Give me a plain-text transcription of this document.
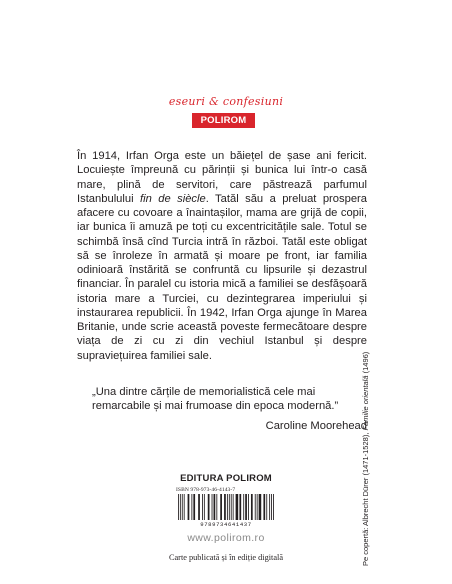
eseuri & confesiuni
POLIROM

În 1914, Irfan Orga este un băiețel de șase ani fericit. Locuiește împreună cu părinții și bunica lui într-o casă mare, plină de servitori, care păstrează parfumul Istanbulului fin de siècle. Tatăl său a preluat prospera afacere cu covoare a înaintașilor, mama are grijă de copii, iar bunica îi amuză pe toți cu excentricitățile sale. Totul se schimbă însă cînd Turcia intră în război. Tatăl este obligat să se înroleze în armată și moare pe front, iar familia odinioară înstărită se confruntă cu lipsurile și dezastrul financiar. În paralel cu istoria mică a familiei se desfășoară istoria mare a Turciei, cu dezintegrarea imperiului și instaurarea republicii. În 1942, Irfan Orga ajunge în Marea Britanie, unde scrie această poveste fermecătoare despre viața de zi cu zi din vechiul Istanbul și despre supraviețuirea familiei sale.

„Una dintre cărțile de memorialistică cele mai remarcabile și mai frumoase din epoca modernă.”

Caroline Moorehead
EDITURA POLIROM
ISBN 978-973-46-4143-7
9789734641437
www.polirom.ro
Carte publicată și în ediție digitală	Pe copertă: Albrecht Dürer (1471-1528), Familie orientală (1496)
